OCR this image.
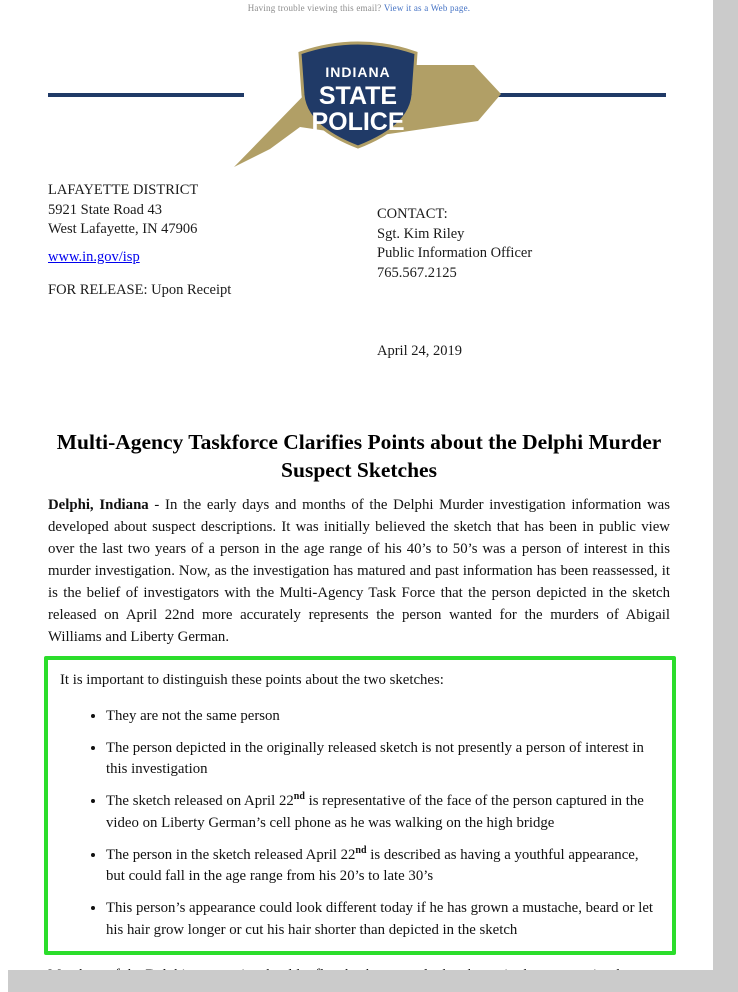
Having trouble viewing this email? View it as a Web page.
INDIANA
STATE
POLICE
LAFAYETTE DISTRICT
5921 State Road 43
West Lafayette, IN 47906
www.in.gov/isp
FOR RELEASE: Upon Receipt
CONTACT:
Sgt. Kim Riley
Public Information Officer
765.567.2125
April 24, 2019
Multi-Agency Taskforce Clarifies Points about the Delphi Murder Suspect Sketches

Delphi, Indiana - In the early days and months of the Delphi Murder investigation information was developed about suspect descriptions. It was initially believed the sketch that has been in public view over the last two years of a person in the age range of his 40’s to 50’s was a person of interest in this murder investigation. Now, as the investigation has matured and past information has been reassessed, it is the belief of investigators with the Multi-Agency Task Force that the person depicted in the sketch released on April 22nd more accurately represents the person wanted for the murders of Abigail Williams and Liberty German.

It is important to distinguish these points about the two sketches:
• They are not the same person
• The person depicted in the originally released sketch is not presently a person of interest in this investigation
• The sketch released on April 22nd is representative of the face of the person captured in the video on Liberty German’s cell phone as he was walking on the high bridge
• The person in the sketch released April 22nd is described as having a youthful appearance, but could fall in the age range from his 20’s to late 30’s
• This person’s appearance could look different today if he has grown a mustache, beard or let his hair grow longer or cut his hair shorter than depicted in the sketch
